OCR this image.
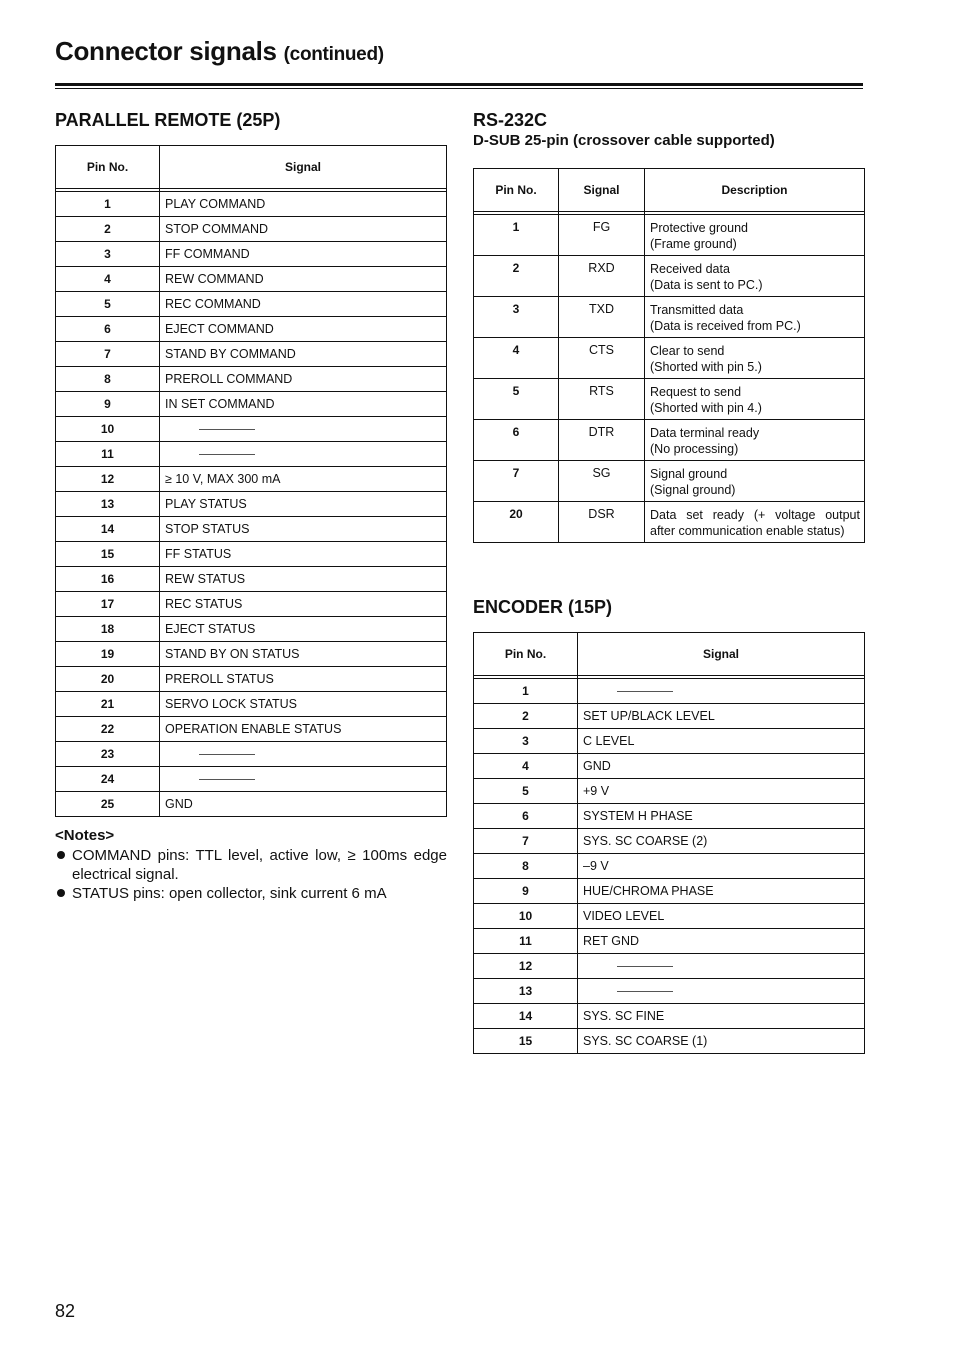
Connector signals (continued)
PARALLEL REMOTE (25P)
Pin No.	Signal

1	PLAY COMMAND
2	STOP COMMAND
3	FF COMMAND
4	REW COMMAND
5	REC COMMAND
6	EJECT COMMAND
7	STAND BY COMMAND
8	PREROLL COMMAND
9	IN SET COMMAND
10	
11	
12	≥ 10 V, MAX 300 mA
13	PLAY STATUS
14	STOP STATUS
15	FF STATUS
16	REW STATUS
17	REC STATUS
18	EJECT STATUS
19	STAND BY ON STATUS
20	PREROLL STATUS
21	SERVO LOCK STATUS
22	OPERATION ENABLE STATUS
23	
24	
25	GND
<Notes>
COMMAND pins: TTL level, active low, ≥ 100ms edge electrical signal.
STATUS pins: open collector, sink current 6 mA
RS-232C
D-SUB 25-pin (crossover cable supported)
Pin No.	Signal	Description

1	FG	Protective ground
(Frame ground)

2	RXD	Received data
(Data is sent to PC.)

3	TXD	Transmitted data
(Data is received from PC.)

4	CTS	Clear to send
(Shorted with pin 5.)

5	RTS	Request to send
(Shorted with pin 4.)

6	DTR	Data terminal ready
(No processing)

7	SG	Signal ground
(Signal ground)

20	DSR	Data set ready (+ voltage output
after communication enable status)
ENCODER (15P)
Pin No.	Signal

1	
2	SET UP/BLACK LEVEL
3	C LEVEL
4	GND
5	+9 V
6	SYSTEM H PHASE
7	SYS. SC COARSE (2)
8	–9 V
9	HUE/CHROMA PHASE
10	VIDEO LEVEL
11	RET GND
12	
13	
14	SYS. SC FINE
15	SYS. SC COARSE (1)
82
